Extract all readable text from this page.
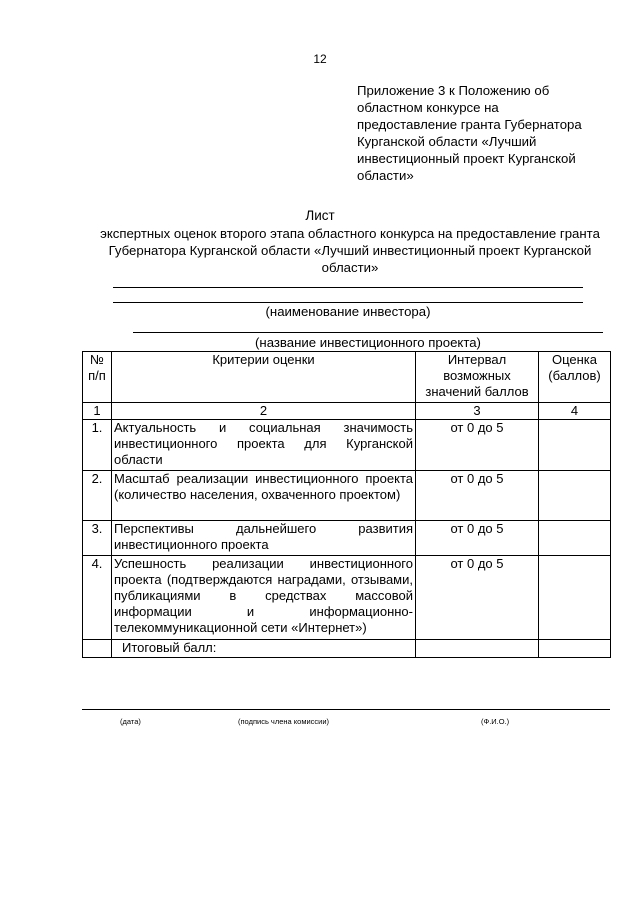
12
Приложение 3 к Положению об
областном конкурсе на
предоставление гранта Губернатора
Курганской области «Лучший
инвестиционный проект Курганской
области»
Лист
экспертных оценок второго этапа областного конкурса на предоставление гранта
Губернатора Курганской области «Лучший инвестиционный проект Курганской
области»
(наименование инвестора)
(название инвестиционного проекта)
№ п/п	Критерии оценки	Интервал возможных значений баллов	Оценка (баллов)
1	2	3	4
1.	Актуальность и социальная значимость инвестиционного проекта для Курганской области	от 0 до 5	
2.	Масштаб реализации инвестиционного проекта (количество населения, охваченного проектом)	от 0 до 5	
3.	Перспективы дальнейшего развития инвестиционного проекта	от 0 до 5	
4.	Успешность реализации инвестиционного проекта (подтверждаются наградами, отзывами, публикациями в средствах массовой информации и информационно-телекоммуникационной сети «Интернет»)	от 0 до 5	
	Итоговый балл:		
(дата)	(подпись члена комиссии)	(Ф.И.О.)
